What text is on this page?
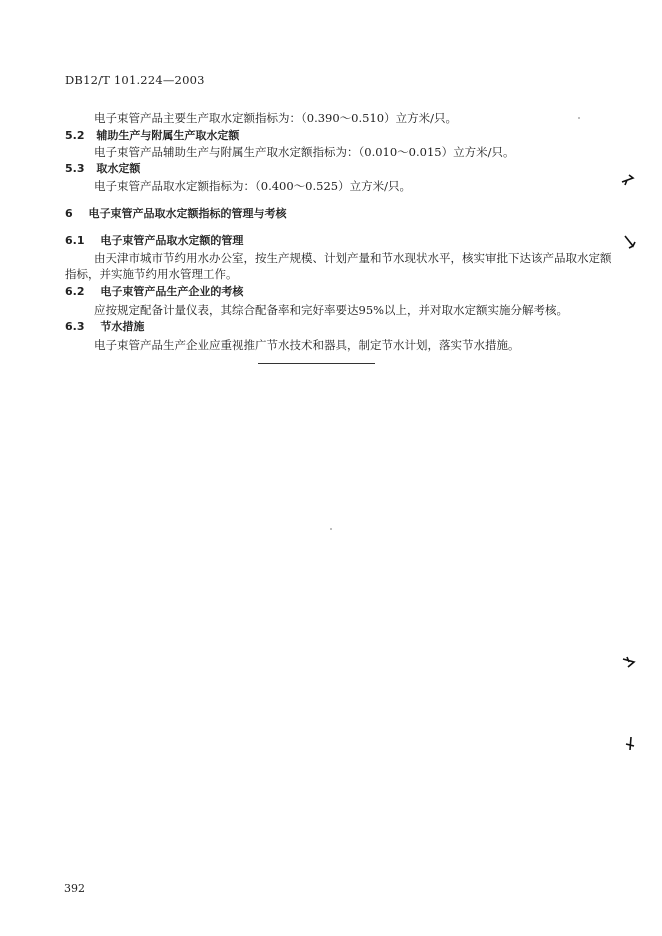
DB12/T 101.224—2003
电子束管产品主要生产取水定额指标为：（0.390～0.510）立方米/只。
5.2 辅助生产与附属生产取水定额
电子束管产品辅助生产与附属生产取水定额指标为：（0.010～0.015）立方米/只。
5.3 取水定额
电子束管产品取水定额指标为：（0.400～0.525）立方米/只。
6 电子束管产品取水定额指标的管理与考核
6.1 电子束管产品取水定额的管理
由天津市城市节约用水办公室，按生产规模、计划产量和节水现状水平，核实审批下达该产品取水定额
指标，并实施节约用水管理工作。
6.2 电子束管产品生产企业的考核
应按规定配备计量仪表，其综合配备率和完好率要达95%以上，并对取水定额实施分解考核。
6.3 节水措施
电子束管产品生产企业应重视推广节水技术和器具，制定节水计划，落实节水措施。
392
